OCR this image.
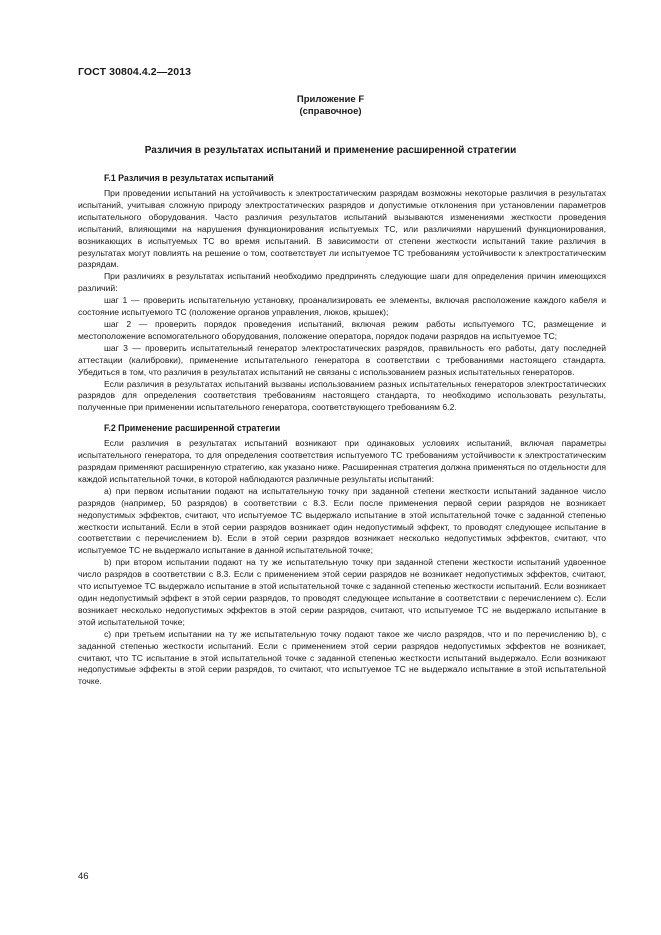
ГОСТ 30804.4.2—2013
Приложение F
(справочное)
Различия в результатах испытаний и применение расширенной стратегии
F.1 Различия в результатах испытаний

При проведении испытаний на устойчивость к электростатическим разрядам возможны некоторые различия в результатах испытаний, учитывая сложную природу электростатических разрядов и допустимые отклонения при установлении параметров испытательного оборудования. Часто различия результатов испытаний вызываются изменениями жесткости проведения испытаний, влияющими на нарушения функционирования испытуемых ТС, или различиями нарушений функционирования, возникающих в испытуемых ТС во время испытаний. В зависимости от степени жесткости испытаний такие различия в результатах могут повлиять на решение о том, соответствует ли испытуемое ТС требованиям устойчивости к электростатическим разрядам.

При различиях в результатах испытаний необходимо предпринять следующие шаги для определения причин имеющихся различий:

шаг 1 — проверить испытательную установку, проанализировать ее элементы, включая расположение каждого кабеля и состояние испытуемого ТС (положение органов управления, люков, крышек);

шаг 2 — проверить порядок проведения испытаний, включая режим работы испытуемого ТС, размещение и местоположение вспомогательного оборудования, положение оператора, порядок подачи разрядов на испытуемое ТС;

шаг 3 — проверить испытательный генератор электростатических разрядов, правильность его работы, дату последней аттестации (калибровки), применение испытательного генератора в соответствии с требованиями настоящего стандарта. Убедиться в том, что различия в результатах испытаний не связаны с использованием разных испытательных генераторов.

Если различия в результатах испытаний вызваны использованием разных испытательных генераторов электростатических разрядов для определения соответствия требованиям настоящего стандарта, то необходимо использовать результаты, полученные при применении испытательного генератора, соответствующего требованиям 6.2.

F.2 Применение расширенной стратегии

Если различия в результатах испытаний возникают при одинаковых условиях испытаний, включая параметры испытательного генератора, то для определения соответствия испытуемого ТС требованиям устойчивости к электростатическим разрядам применяют расширенную стратегию, как указано ниже. Расширенная стратегия должна применяться по отдельности для каждой испытательной точки, в которой наблюдаются различные результаты испытаний:

a) при первом испытании подают на испытательную точку при заданной степени жесткости испытаний заданное число разрядов (например, 50 разрядов) в соответствии с 8.3. Если после применения первой серии разрядов не возникает недопустимых эффектов, считают, что испытуемое ТС выдержало испытание в этой испытательной точке с заданной степенью жесткости испытаний. Если в этой серии разрядов возникает один недопустимый эффект, то проводят следующее испытание в соответствии с перечислением b). Если в этой серии разрядов возникает несколько недопустимых эффектов, считают, что испытуемое ТС не выдержало испытание в данной испытательной точке;

b) при втором испытании подают на ту же испытательную точку при заданной степени жесткости испытаний удвоенное число разрядов в соответствии с 8.3. Если с применением этой серии разрядов не возникает недопустимых эффектов, считают, что испытуемое ТС выдержало испытание в этой испытательной точке с заданной степенью жесткости испытаний. Если возникает один недопустимый эффект в этой серии разрядов, то проводят следующее испытание в соответствии с перечислением c). Если возникает несколько недопустимых эффектов в этой серии разрядов, считают, что испытуемое ТС не выдержало испытание в этой испытательной точке;

c) при третьем испытании на ту же испытательную точку подают такое же число разрядов, что и по перечислению b), с заданной степенью жесткости испытаний. Если с применением этой серии разрядов недопустимых эффектов не возникает, считают, что ТС испытание в этой испытательной точке с заданной степенью жесткости испытаний выдержало. Если возникают недопустимые эффекты в этой серии разрядов, то считают, что испытуемое ТС не выдержало испытание в этой испытательной точке.

46
